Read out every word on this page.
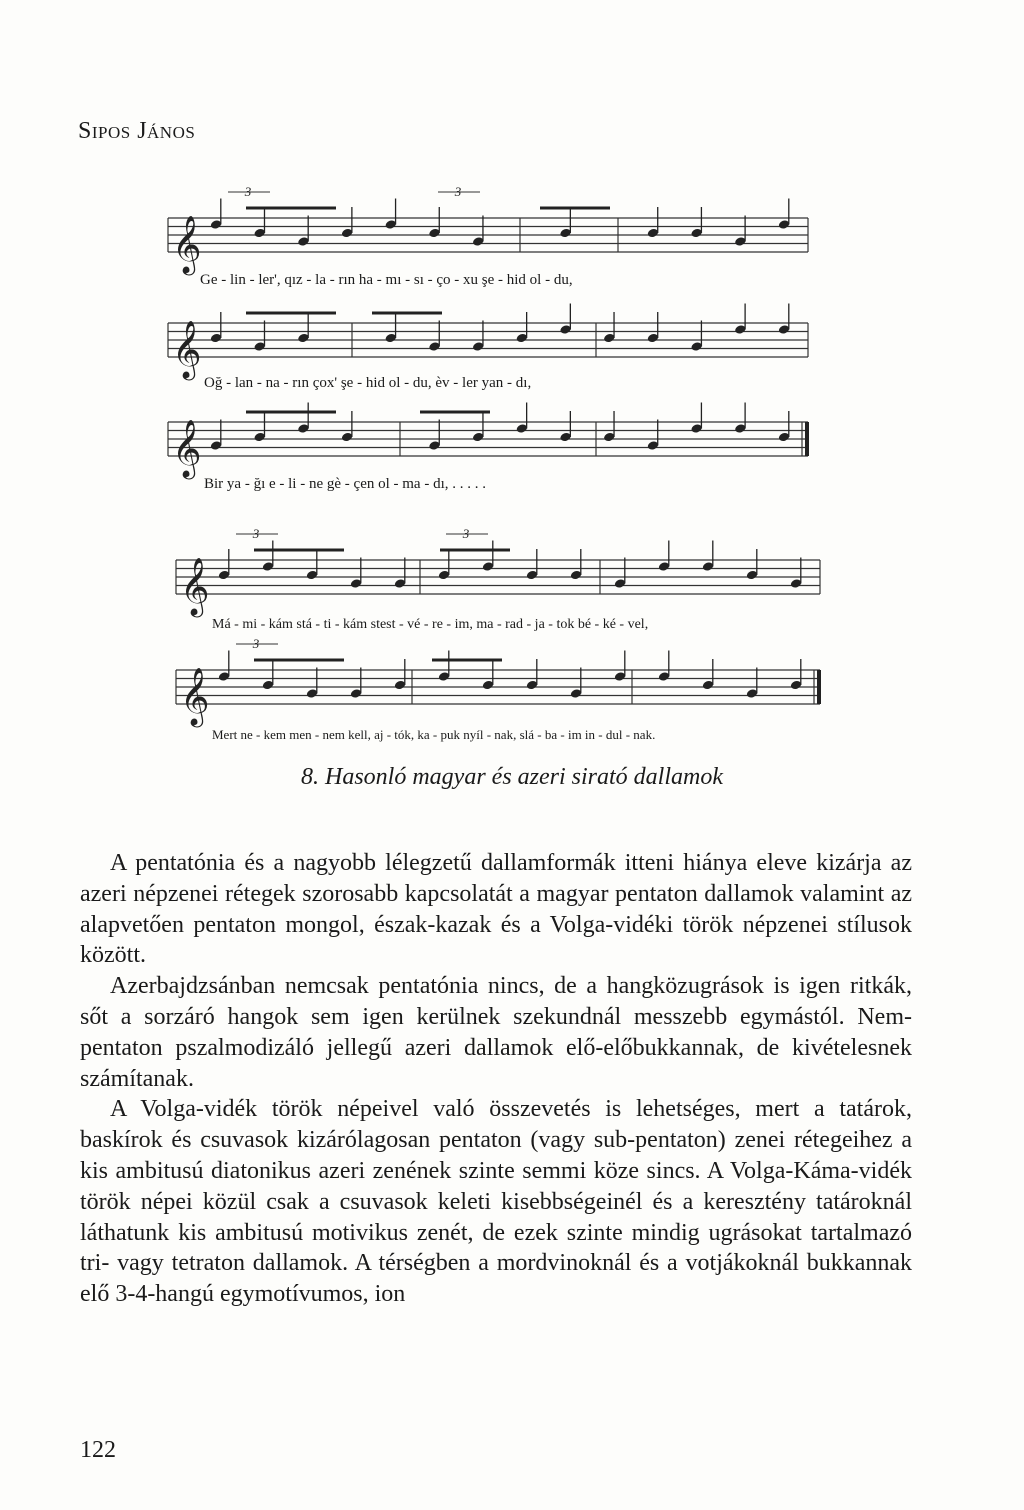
Sipos János
𝄞
3	3
𝄞
𝄞
𝄞
3	3
𝄞
3
Ge - lin - ler', qız - la - rın ha - mı - sı - ço - xu şe - hid ol - du,
Oğ - lan - na - rın çox' şe - hid ol - du, èv - ler yan - dı,
Bir ya - ğı e - li - ne gè - çen ol - ma - dı, . . . . .
Má - mi - kám stá - ti - kám stest - vé - re - im, ma - rad - ja - tok bé - ké - vel,
Mert ne - kem men - nem kell, aj - tók, ka - puk nyíl - nak, slá - ba - im in - dul - nak.
8. Hasonló magyar és azeri sirató dallamok

A pentatónia és a nagyobb lélegzetű dallamformák itteni hiánya eleve kizárja az azeri népzenei rétegek szorosabb kapcsolatát a magyar pentaton dallamok valamint az alapvetően pentaton mongol, észak-kazak és a Volga-vidéki török népzenei stílusok között.

Azerbajdzsánban nemcsak pentatónia nincs, de a hangközugrások is igen ritkák, sőt a sorzáró hangok sem igen kerülnek szekundnál messzebb egymástól. Nem-pentaton pszalmodizáló jellegű azeri dallamok elő-előbukkannak, de kivételesnek számítanak.

A Volga-vidék török népeivel való összevetés is lehetséges, mert a tatárok, baskírok és csuvasok kizárólagosan pentaton (vagy sub-pentaton) zenei rétegeihez a kis ambitusú diatonikus azeri zenének szinte semmi köze sincs. A Volga-Káma-vidék török népei közül csak a csuvasok keleti kisebbségeinél és a keresztény tatároknál láthatunk kis ambitusú motivikus zenét, de ezek szinte mindig ugrásokat tartalmazó tri- vagy tetraton dallamok. A térségben a mordvinoknál és a votjákoknál bukkannak elő 3-4-hangú egymotívumos, ion

122
